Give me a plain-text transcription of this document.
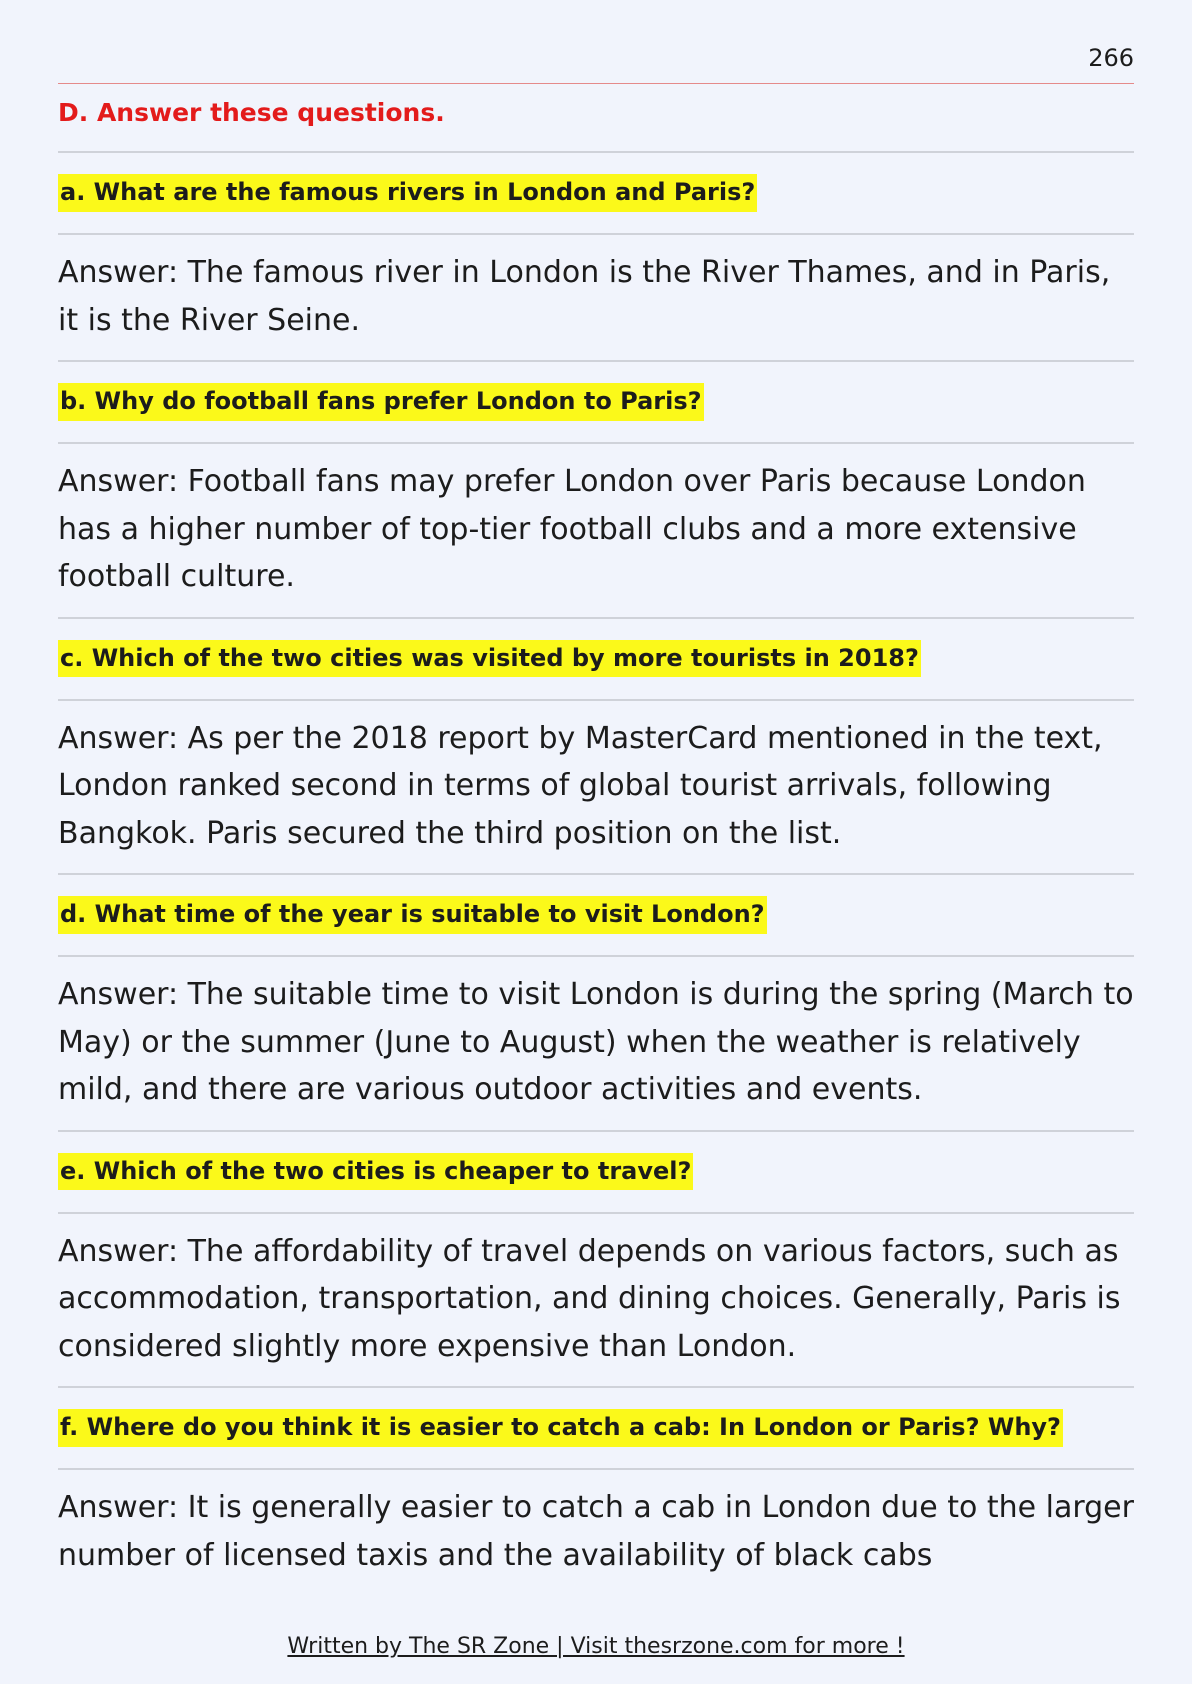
266
D. Answer these questions.
a. What are the famous rivers in London and Paris?
Answer: The famous river in London is the River Thames, and in Paris, it is the River Seine.
b. Why do football fans prefer London to Paris?
Answer: Football fans may prefer London over Paris because London has a higher number of top-tier football clubs and a more extensive football culture.
c. Which of the two cities was visited by more tourists in 2018?
Answer: As per the 2018 report by MasterCard mentioned in the text, London ranked second in terms of global tourist arrivals, following Bangkok. Paris secured the third position on the list.
d. What time of the year is suitable to visit London?
Answer: The suitable time to visit London is during the spring (March to May) or the summer (June to August) when the weather is relatively mild, and there are various outdoor activities and events.
e. Which of the two cities is cheaper to travel?
Answer: The affordability of travel depends on various factors, such as accommodation, transportation, and dining choices. Generally, Paris is considered slightly more expensive than London.
f. Where do you think it is easier to catch a cab: In London or Paris? Why?
Answer: It is generally easier to catch a cab in London due to the larger number of licensed taxis and the availability of black cabs
Written by The SR Zone | Visit thesrzone.com for more !
